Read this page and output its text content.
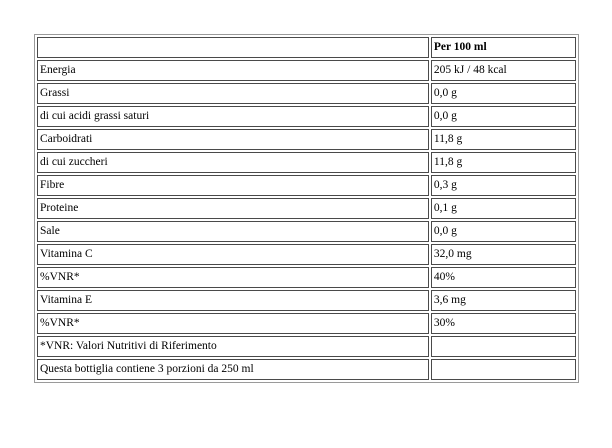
	Per 100 ml
Energia	205 kJ / 48 kcal
Grassi	0,0 g
di cui acidi grassi saturi	0,0 g
Carboidrati	11,8 g
di cui zuccheri	11,8 g
Fibre	0,3 g
Proteine	0,1 g
Sale	0,0 g
Vitamina C	32,0 mg
%VNR*	40%
Vitamina E	3,6 mg
%VNR*	30%
*VNR: Valori Nutritivi di Riferimento	
Questa bottiglia contiene 3 porzioni da 250 ml	
